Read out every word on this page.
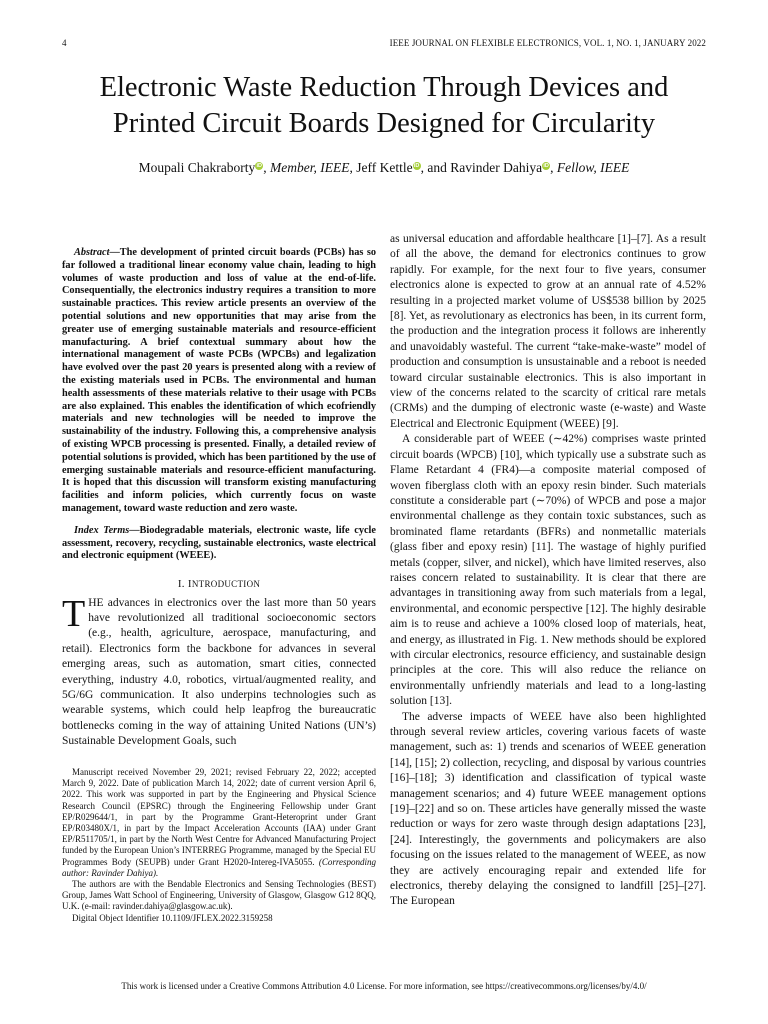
4	IEEE JOURNAL ON FLEXIBLE ELECTRONICS, VOL. 1, NO. 1, JANUARY 2022
Electronic Waste Reduction Through Devices and
Printed Circuit Boards Designed for Circularity
Moupali ChakrabortyiD, Member, IEEE, Jeff KettleiD, and Ravinder DahiyaiD, Fellow, IEEE

Abstract—The development of printed circuit boards (PCBs) has so far followed a traditional linear economy value chain, leading to high volumes of waste production and loss of value at the end-of-life. Consequentially, the electronics industry requires a transition to more sustainable practices. This review article presents an overview of the potential solutions and new opportunities that may arise from the greater use of emerging sustainable materials and resource-efficient manufacturing. A brief contextual summary about how the international management of waste PCBs (WPCBs) and legalization have evolved over the past 20 years is presented along with a review of the existing materials used in PCBs. The environmental and human health assessments of these materials relative to their usage with PCBs are also explained. This enables the identification of which ecofriendly materials and new technologies will be needed to improve the sustainability of the industry. Following this, a comprehensive analysis of existing WPCB processing is presented. Finally, a detailed review of potential solutions is provided, which has been partitioned by the use of emerging sustainable materials and resource-efficient manufacturing. It is hoped that this discussion will transform existing manufacturing facilities and inform policies, which currently focus on waste management, toward waste reduction and zero waste.

Index Terms—Biodegradable materials, electronic waste, life cycle assessment, recovery, recycling, sustainable electronics, waste electrical and electronic equipment (WEEE).

I. INTRODUCTION

THE advances in electronics over the last more than 50 years have revolutionized all traditional socioeconomic sectors (e.g., health, agriculture, aerospace, manufacturing, and retail). Electronics form the backbone for advances in several emerging areas, such as automation, smart cities, connected everything, industry 4.0, robotics, virtual/augmented reality, and 5G/6G communication. It also underpins technologies such as wearable systems, which could help leapfrog the bureaucratic bottlenecks coming in the way of attaining United Nations (UN’s) Sustainable Development Goals, such

Manuscript received November 29, 2021; revised February 22, 2022; accepted March 9, 2022. Date of publication March 14, 2022; date of current version April 6, 2022. This work was supported in part by the Engineering and Physical Science Research Council (EPSRC) through the Engineering Fellowship under Grant EP/R029644/1, in part by the Programme Grant-Heteroprint under Grant EP/R03480X/1, in part by the Impact Acceleration Accounts (IAA) under Grant EP/R511705/1, in part by the North West Centre for Advanced Manufacturing Project funded by the European Union’s INTERREG Programme, managed by the Special EU Programmes Body (SEUPB) under Grant H2020-Intereg-IVA5055. (Corresponding author: Ravinder Dahiya).

The authors are with the Bendable Electronics and Sensing Technologies (BEST) Group, James Watt School of Engineering, University of Glasgow, Glasgow G12 8QQ, U.K. (e-mail: ravinder.dahiya@glasgow.ac.uk).

Digital Object Identifier 10.1109/JFLEX.2022.3159258

as universal education and affordable healthcare [1]–[7]. As a result of all the above, the demand for electronics continues to grow rapidly. For example, for the next four to five years, consumer electronics alone is expected to grow at an annual rate of 4.52% resulting in a projected market volume of US$538 billion by 2025 [8]. Yet, as revolutionary as electronics has been, in its current form, the production and the integration process it follows are inherently and unavoidably wasteful. The current “take-make-waste” model of production and consumption is unsustainable and a reboot is needed toward circular sustainable electronics. This is also important in view of the concerns related to the scarcity of critical rare metals (CRMs) and the dumping of electronic waste (e-waste) and Waste Electrical and Electronic Equipment (WEEE) [9].

A considerable part of WEEE (∼42%) comprises waste printed circuit boards (WPCB) [10], which typically use a substrate such as Flame Retardant 4 (FR4)—a composite material composed of woven fiberglass cloth with an epoxy resin binder. Such materials constitute a considerable part (∼70%) of WPCB and pose a major environmental challenge as they contain toxic substances, such as brominated flame retardants (BFRs) and nonmetallic materials (glass fiber and epoxy resin) [11]. The wastage of highly purified metals (copper, silver, and nickel), which have limited reserves, also raises concern related to sustainability. It is clear that there are advantages in transitioning away from such materials from a legal, environmental, and economic perspective [12]. The highly desirable aim is to reuse and achieve a 100% closed loop of materials, heat, and energy, as illustrated in Fig. 1. New methods should be explored with circular electronics, resource efficiency, and sustainable design principles at the core. This will also reduce the reliance on environmentally unfriendly materials and lead to a long-lasting solution [13].

The adverse impacts of WEEE have also been highlighted through several review articles, covering various facets of waste management, such as: 1) trends and scenarios of WEEE generation [14], [15]; 2) collection, recycling, and disposal by various countries [16]–[18]; 3) identification and classification of typical waste management scenarios; and 4) future WEEE management options [19]–[22] and so on. These articles have generally missed the waste reduction or ways for zero waste through design adaptations [23], [24]. Interestingly, the governments and policymakers are also focusing on the issues related to the management of WEEE, as now they are actively encouraging repair and extended life for electronics, thereby delaying the consigned to landfill [25]–[27]. The European

This work is licensed under a Creative Commons Attribution 4.0 License. For more information, see https://creativecommons.org/licenses/by/4.0/
